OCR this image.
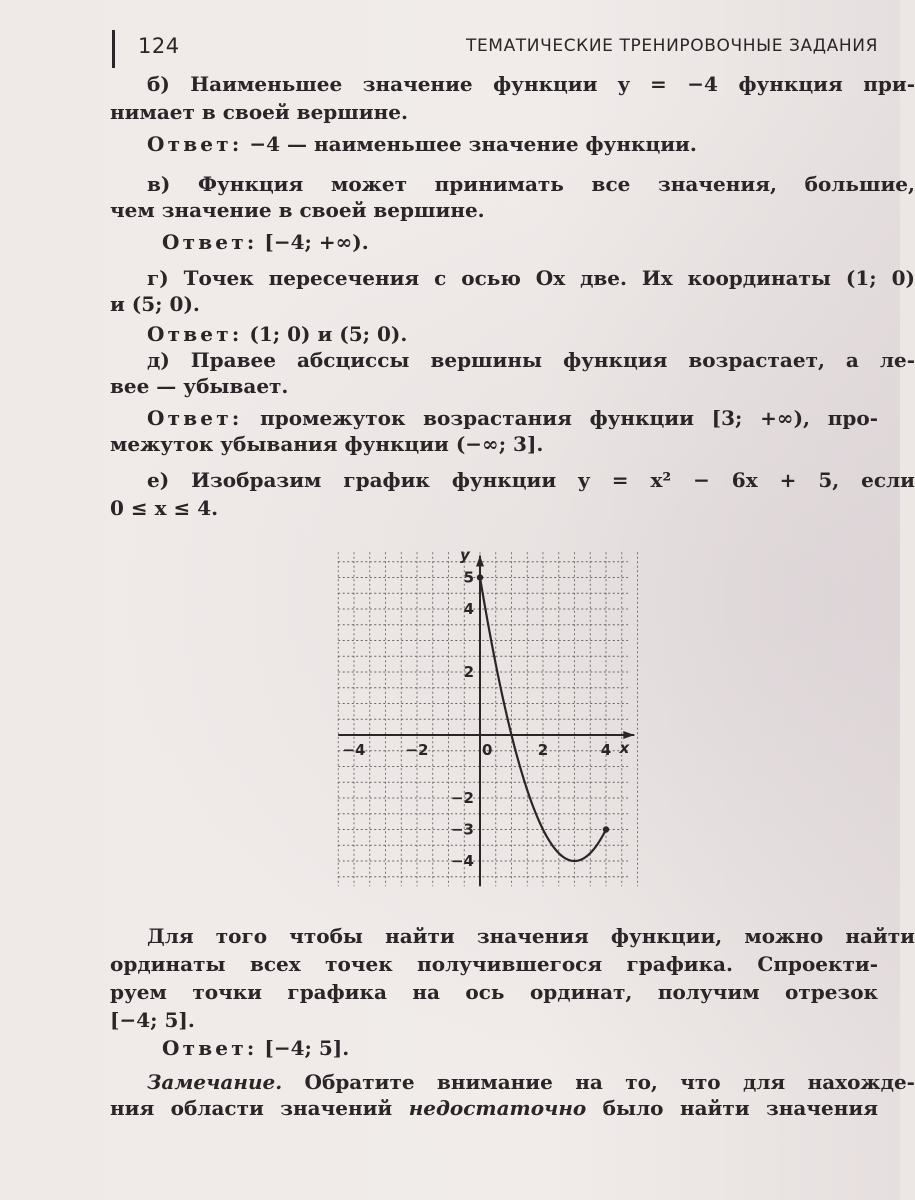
124	ТЕМАТИЧЕСКИЕ ТРЕНИРОВОЧНЫЕ ЗАДАНИЯ
б) Наименьшее значение функции y = −4 функция при-
нимает в своей вершине.
Ответ: −4 — наименьшее значение функции.
в) Функция может принимать все значения, большие,
чем значение в своей вершине.
Ответ: [−4; +∞).
г) Точек пересечения с осью Ox две. Их координаты (1; 0)
и (5; 0).
Ответ: (1; 0) и (5; 0).
д) Правее абсциссы вершины функция возрастает, а ле-
вее — убывает.
Ответ: промежуток возрастания функции [3; +∞), про-
межуток убывания функции (−∞; 3].
е) Изобразим график функции y = x² − 6x + 5, если
0 ≤ x ≤ 4.
x
y
−4	−2	0	2	4
5
4
2
−2
−3
−4
Для того чтобы найти значения функции, можно найти
ординаты всех точек получившегося графика. Спроекти-
руем точки графика на ось ординат, получим отрезок
[−4; 5].
Ответ: [−4; 5].
Замечание. Обратите внимание на то, что для нахожде-
ния области значений недостаточно было найти значения
